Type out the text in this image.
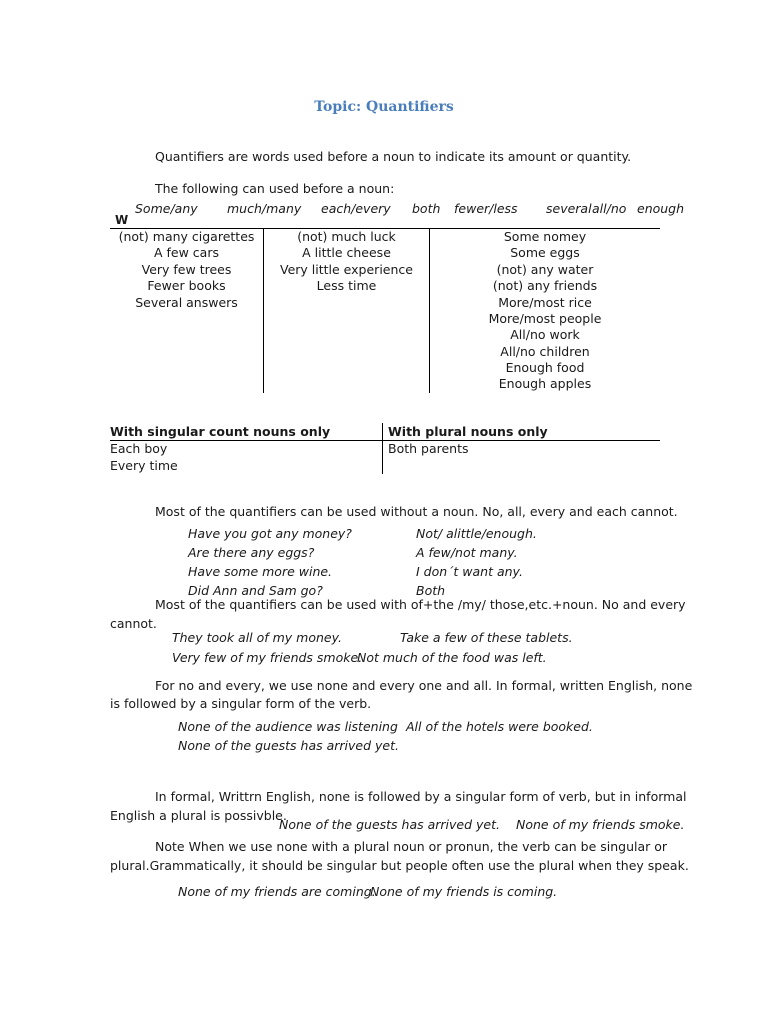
Topic: Quantifiers
Quantifiers are words used before a noun to indicate its amount or quantity.
The following can used before a noun:
W
Some/any much/many each/every both fewer/less several all/no enough
(not) many cigarettes
A few cars
Very few trees
Fewer books
Several answers
(not) much luck
A little cheese
Very little experience
Less time
Some nomey
Some eggs
(not) any water
(not) any friends
More/most rice
More/most people
All/no work
All/no children
Enough food
Enough apples
With singular count nouns only	With plural nouns only
Each boy
Every time
Both parents
Most of the quantifiers can be used without a noun. No, all, every and each cannot.
Have you got any money?
Are there any eggs?
Have some more wine.
Did Ann and Sam go?
Not/ alittle/enough.
A few/not many.
I don´t want any.
Both
Most of the quantifiers can be used with of+the /my/ those,etc.+noun. No and every
cannot.
They took all of my money.	Take a few of these tablets.
Very few of my friends smoke.
Not much of the food was left.
For no and every, we use none and every one and all. In formal, written English, none
is followed by a singular form of the verb.
None of the audience was listening All of the hotels were booked.
None of the guests has arrived yet.
In formal, Writtrn English, none is followed by a singular form of verb, but in informal
English a plural is possivble.
None of the guests has arrived yet. None of my friends smoke.
Note When we use none with a plural noun or pronun, the verb can be singular or
plural.Grammatically, it should be singular but people often use the plural when they speak.
None of my friends are coming.
None of my friends is coming.
